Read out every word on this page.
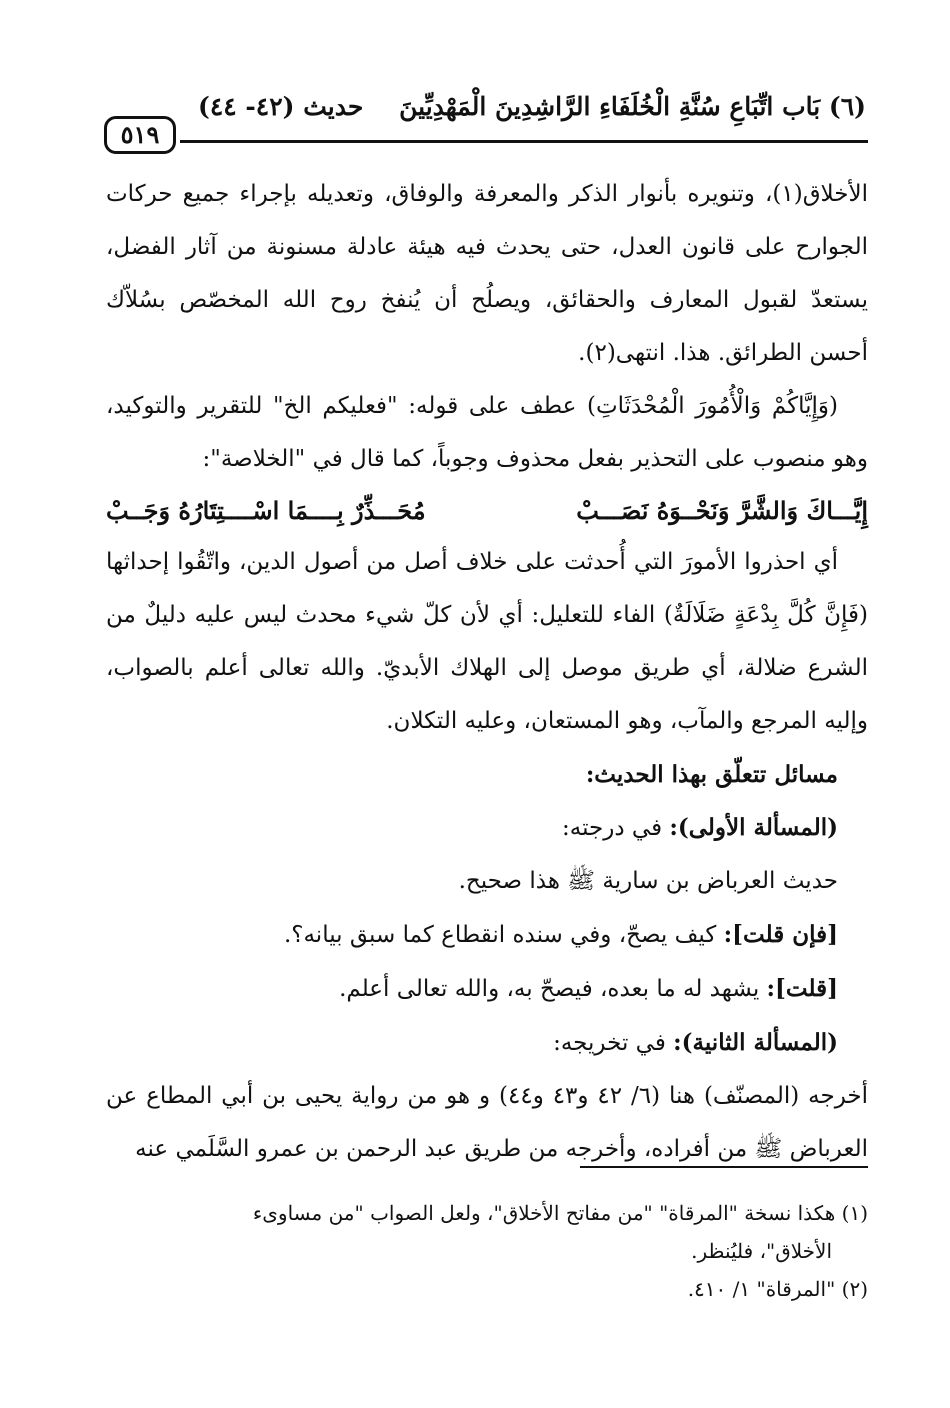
(٦) بَاب اتِّبَاعِ سُنَّةِ الْخُلَفَاءِ الرَّاشِدِينَ الْمَهْدِيِّينَ
حديث (٤٢- ٤٤)
٥١٩

الأخلاق(١)، وتنويره بأنوار الذكر والمعرفة والوفاق، وتعديله بإجراء جميع حركات الجوارح على قانون العدل، حتى يحدث فيه هيئة عادلة مسنونة من آثار الفضل، يستعدّ لقبول المعارف والحقائق، ويصلُح أن يُنفخ روح الله المخصّص بسُلاّك أحسن الطرائق. هذا. انتهى(٢).

(وَإِيَّاكُمْ وَالْأُمُورَ الْمُحْدَثَاتِ) عطف على قوله: "فعليكم الخ" للتقرير والتوكيد، وهو منصوب على التحذير بفعل محذوف وجوباً، كما قال في "الخلاصة":

إِيَّـــاكَ وَالشَّرَّ وَنَحْــوَهُ نَصَـــبْ
مُحَـــذِّرٌ بِــــمَا اسْــــتِتَارُهُ وَجَــبْ

أي احذروا الأمورَ التي أُحدثت على خلاف أصل من أصول الدين، واتّقُوا إحداثها (فَإِنَّ كُلَّ بِدْعَةٍ ضَلَالَةٌ) الفاء للتعليل: أي لأن كلّ شيء محدث ليس عليه دليلٌ من الشرع ضلالة، أي طريق موصل إلى الهلاك الأبديّ. والله تعالى أعلم بالصواب، وإليه المرجع والمآب، وهو المستعان، وعليه التكلان.

مسائل تتعلّق بهذا الحديث:

(المسألة الأولى): في درجته:

حديث العرباض بن سارية ﷺ هذا صحيح.

[فإن قلت]: كيف يصحّ، وفي سنده انقطاع كما سبق بيانه؟.

[قلت]: يشهد له ما بعده، فيصحّ به، والله تعالى أعلم.

(المسألة الثانية): في تخريجه:

أخرجه (المصنّف) هنا (٦/ ٤٢ و٤٣ و٤٤) و هو من رواية يحيى بن أبي المطاع عن العرباض ﷺ من أفراده، وأخرجه من طريق عبد الرحمن بن عمرو السَّلَمي عنه

(١) هكذا نسخة "المرقاة" "من مفاتح الأخلاق"، ولعل الصواب "من مساوىء

الأخلاق"، فليُنظر.

(٢) "المرقاة" ١/ ٤١٠.
